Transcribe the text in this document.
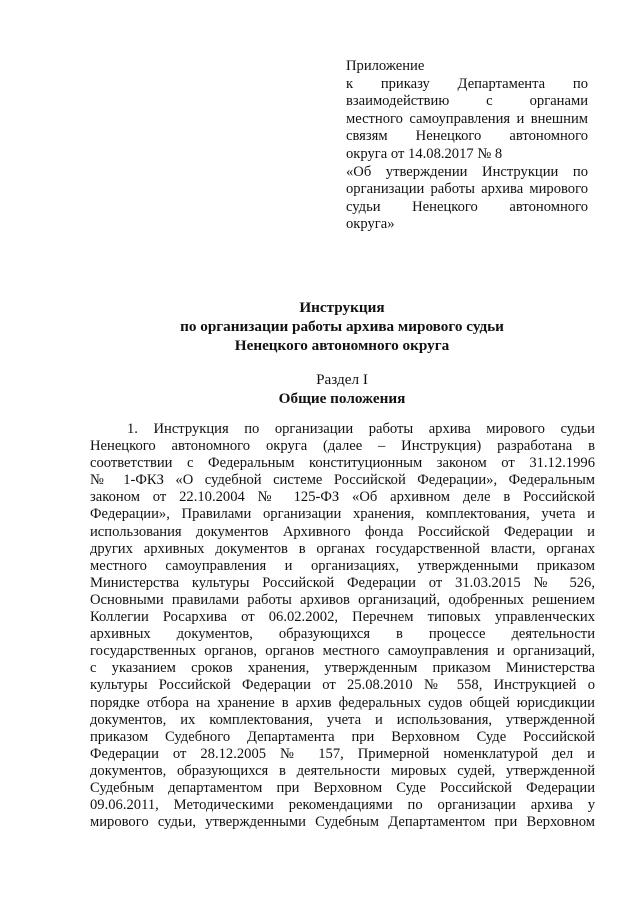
Приложение
к приказу Департамента по
взаимодействию с органами
местного самоуправления и внешним
связям Ненецкого автономного
округа от 14.08.2017 № 8
«Об утверждении Инструкции по
организации работы архива мирового
судьи Ненецкого автономного
округа»
Инструкция
по организации работы архива мирового судьи
Ненецкого автономного округа
Раздел I
Общие положения
1. Инструкция по организации работы архива мирового судьи
Ненецкого автономного округа (далее – Инструкция) разработана в
соответствии с Федеральным конституционным законом от 31.12.1996
№ 1-ФКЗ «О судебной системе Российской Федерации», Федеральным
законом от 22.10.2004 № 125-ФЗ «Об архивном деле в Российской
Федерации», Правилами организации хранения, комплектования, учета и
использования документов Архивного фонда Российской Федерации и
других архивных документов в органах государственной власти, органах
местного самоуправления и организациях, утвержденными приказом
Министерства культуры Российской Федерации от 31.03.2015 № 526,
Основными правилами работы архивов организаций, одобренных решением
Коллегии Росархива от 06.02.2002, Перечнем типовых управленческих
архивных документов, образующихся в процессе деятельности
государственных органов, органов местного самоуправления и организаций,
с указанием сроков хранения, утвержденным приказом Министерства
культуры Российской Федерации от 25.08.2010 № 558, Инструкцией о
порядке отбора на хранение в архив федеральных судов общей юрисдикции
документов, их комплектования, учета и использования, утвержденной
приказом Судебного Департамента при Верховном Суде Российской
Федерации от 28.12.2005 № 157, Примерной номенклатурой дел и
документов, образующихся в деятельности мировых судей, утвержденной
Судебным департаментом при Верховном Суде Российской Федерации
09.06.2011, Методическими рекомендациями по организации архива у
мирового судьи, утвержденными Судебным Департаментом при Верховном
